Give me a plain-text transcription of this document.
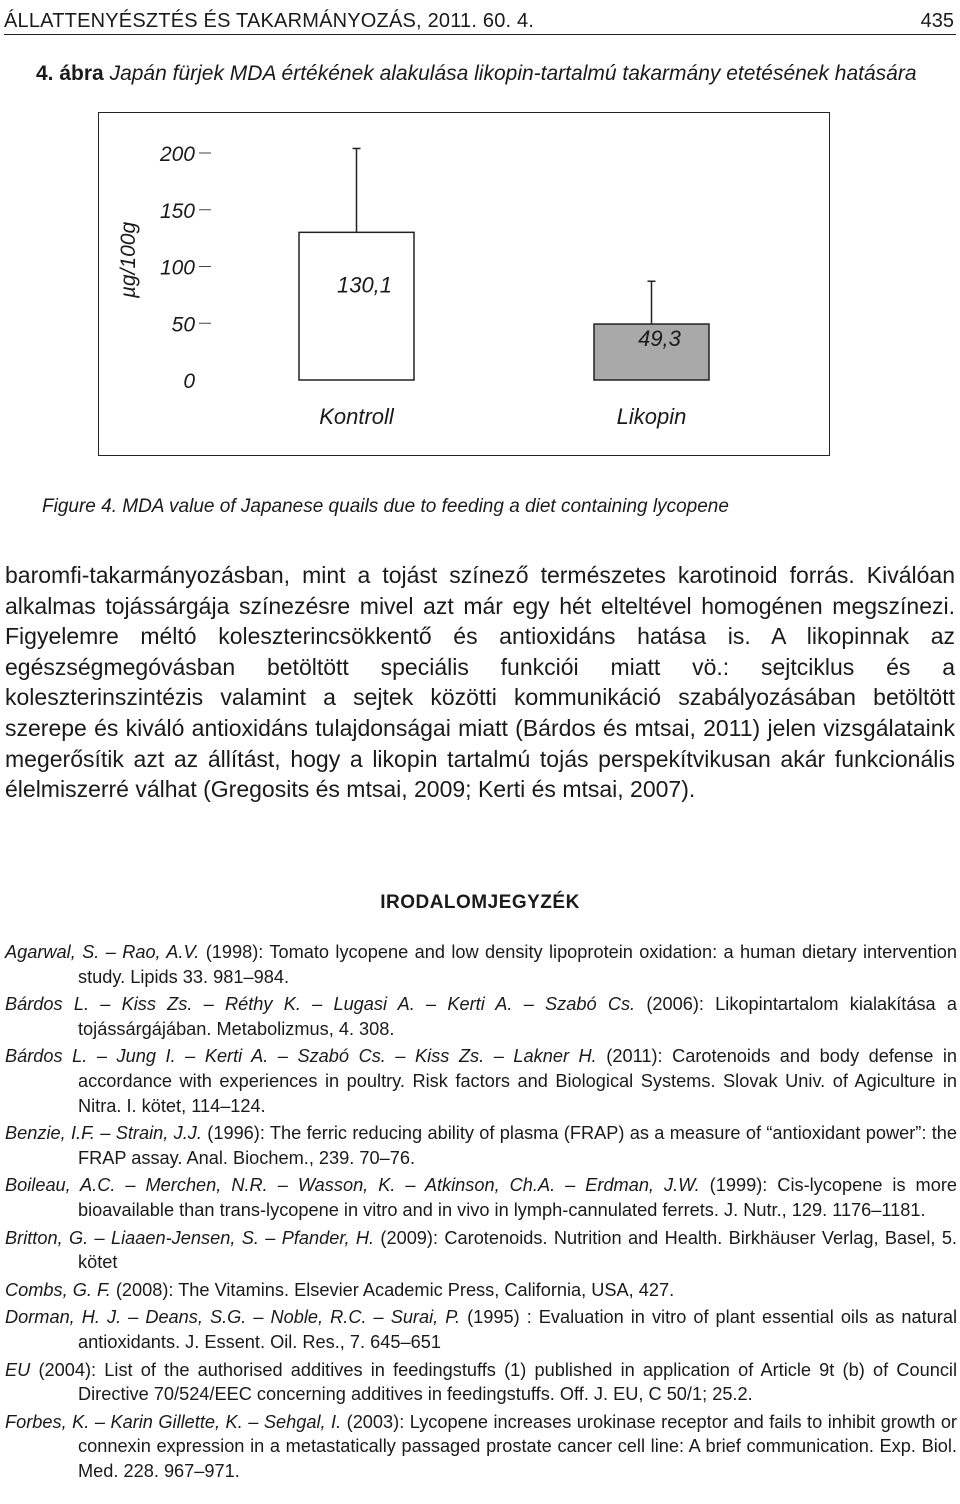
ÁLLATTENYÉSZTÉS ÉS TAKARMÁNYOZÁS, 2011. 60. 4.	435
4. ábra Japán fürjek MDA értékének alakulása likopin-tartalmú takarmány etetésének hatására
0
50
100
150
200
µg/100g	130,1
Kontroll
49,3
Likopin
Figure 4. MDA value of Japanese quails due to feeding a diet containing lycopene

baromfi-takarmányozásban, mint a tojást színező természetes karotinoid forrás. Kiválóan alkalmas tojássárgája színezésre mivel azt már egy hét elteltével homogénen megszínezi. Figyelemre méltó koleszterincsökkentő és antioxidáns hatása is. A likopinnak az egészségmegóvásban betöltött speciális funkciói miatt vö.: sejtciklus és a koleszterinszintézis valamint a sejtek közötti kommunikáció szabályozásában betöltött szerepe és kiváló antioxidáns tulajdonságai miatt (Bárdos és mtsai, 2011) jelen vizsgálataink megerősítik azt az állítást, hogy a likopin tartalmú tojás perspekítvikusan akár funkcionális élelmiszerré válhat (Gregosits és mtsai, 2009; Kerti és mtsai, 2007).

IRODALOMJEGYZÉK

Agarwal, S. – Rao, A.V. (1998): Tomato lycopene and low density lipoprotein oxidation: a human dietary intervention study. Lipids 33. 981–984.

Bárdos L. – Kiss Zs. – Réthy K. – Lugasi A. – Kerti A. – Szabó Cs. (2006): Likopintartalom kialakítása a tojássárgájában. Metabolizmus, 4. 308.

Bárdos L. – Jung I. – Kerti A. – Szabó Cs. – Kiss Zs. – Lakner H. (2011): Carotenoids and body defense in accordance with experiences in poultry. Risk factors and Biological Systems. Slovak Univ. of Agiculture in Nitra. I. kötet, 114–124.

Benzie, I.F. – Strain, J.J. (1996): The ferric reducing ability of plasma (FRAP) as a measure of “antioxidant power”: the FRAP assay. Anal. Biochem., 239. 70–76.

Boileau, A.C. – Merchen, N.R. – Wasson, K. – Atkinson, Ch.A. – Erdman, J.W. (1999): Cis-lycopene is more bioavailable than trans-lycopene in vitro and in vivo in lymph-cannulated ferrets. J. Nutr., 129. 1176–1181.

Britton, G. – Liaaen-Jensen, S. – Pfander, H. (2009): Carotenoids. Nutrition and Health. Birkhäuser Verlag, Basel, 5. kötet

Combs, G. F. (2008): The Vitamins. Elsevier Academic Press, California, USA, 427.

Dorman, H. J. – Deans, S.G. – Noble, R.C. – Surai, P. (1995) : Evaluation in vitro of plant essential oils as natural antioxidants. J. Essent. Oil. Res., 7. 645–651

EU (2004): List of the authorised additives in feedingstuffs (1) published in application of Article 9t (b) of Council Directive 70/524/EEC concerning additives in feedingstuffs. Off. J. EU, C 50/1; 25.2.

Forbes, K. – Karin Gillette, K. – Sehgal, I. (2003): Lycopene increases urokinase receptor and fails to inhibit growth or connexin expression in a metastatically passaged prostate cancer cell line: A brief communication. Exp. Biol. Med. 228. 967–971.
